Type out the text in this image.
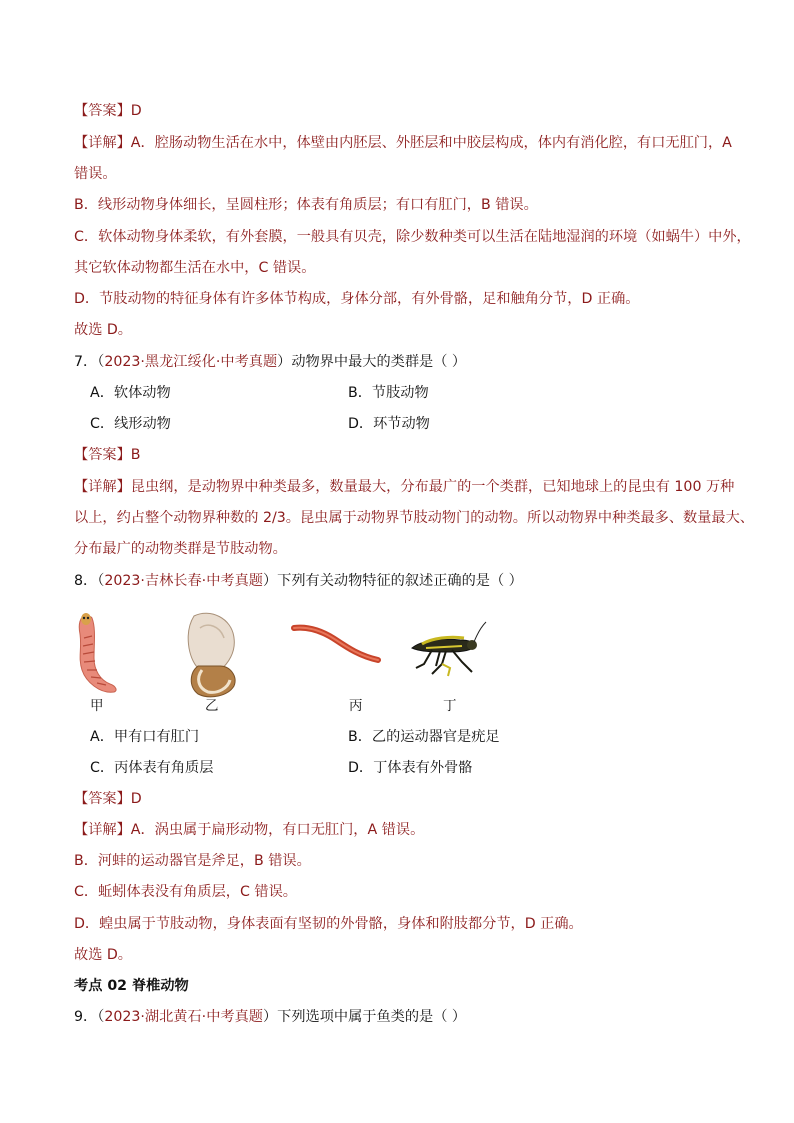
【答案】D
【详解】A．腔肠动物生活在水中，体壁由内胚层、外胚层和中胶层构成，体内有消化腔，有口无肛门，A
错误。
B．线形动物身体细长，呈圆柱形；体表有角质层；有口有肛门，B 错误。
C．软体动物身体柔软，有外套膜，一般具有贝壳，除少数种类可以生活在陆地湿润的环境（如蜗牛）中外，
其它软体动物都生活在水中，C 错误。
D．节肢动物的特征身体有许多体节构成，身体分部，有外骨骼，足和触角分节，D 正确。
故选 D。
7．（2023·黑龙江绥化·中考真题）动物界中最大的类群是（ ）
A．软体动物	B．节肢动物
C．线形动物	D．环节动物
【答案】B
【详解】昆虫纲，是动物界中种类最多，数量最大，分布最广的一个类群，已知地球上的昆虫有 100 万种
以上，约占整个动物界种数的 2/3。昆虫属于动物界节肢动物门的动物。所以动物界中种类最多、数量最大、
分布最广的动物类群是节肢动物。
8．（2023·吉林长春·中考真题）下列有关动物特征的叙述正确的是（ ）
甲	乙	丙	丁
A．甲有口有肛门	B．乙的运动器官是疣足
C．丙体表有角质层	D．丁体表有外骨骼
【答案】D
【详解】A．涡虫属于扁形动物，有口无肛门，A 错误。
B．河蚌的运动器官是斧足，B 错误。
C．蚯蚓体表没有角质层，C 错误。
D．蝗虫属于节肢动物，身体表面有坚韧的外骨骼，身体和附肢都分节，D 正确。
故选 D。
考点 02 脊椎动物
9．（2023·湖北黄石·中考真题）下列选项中属于鱼类的是（ ）
